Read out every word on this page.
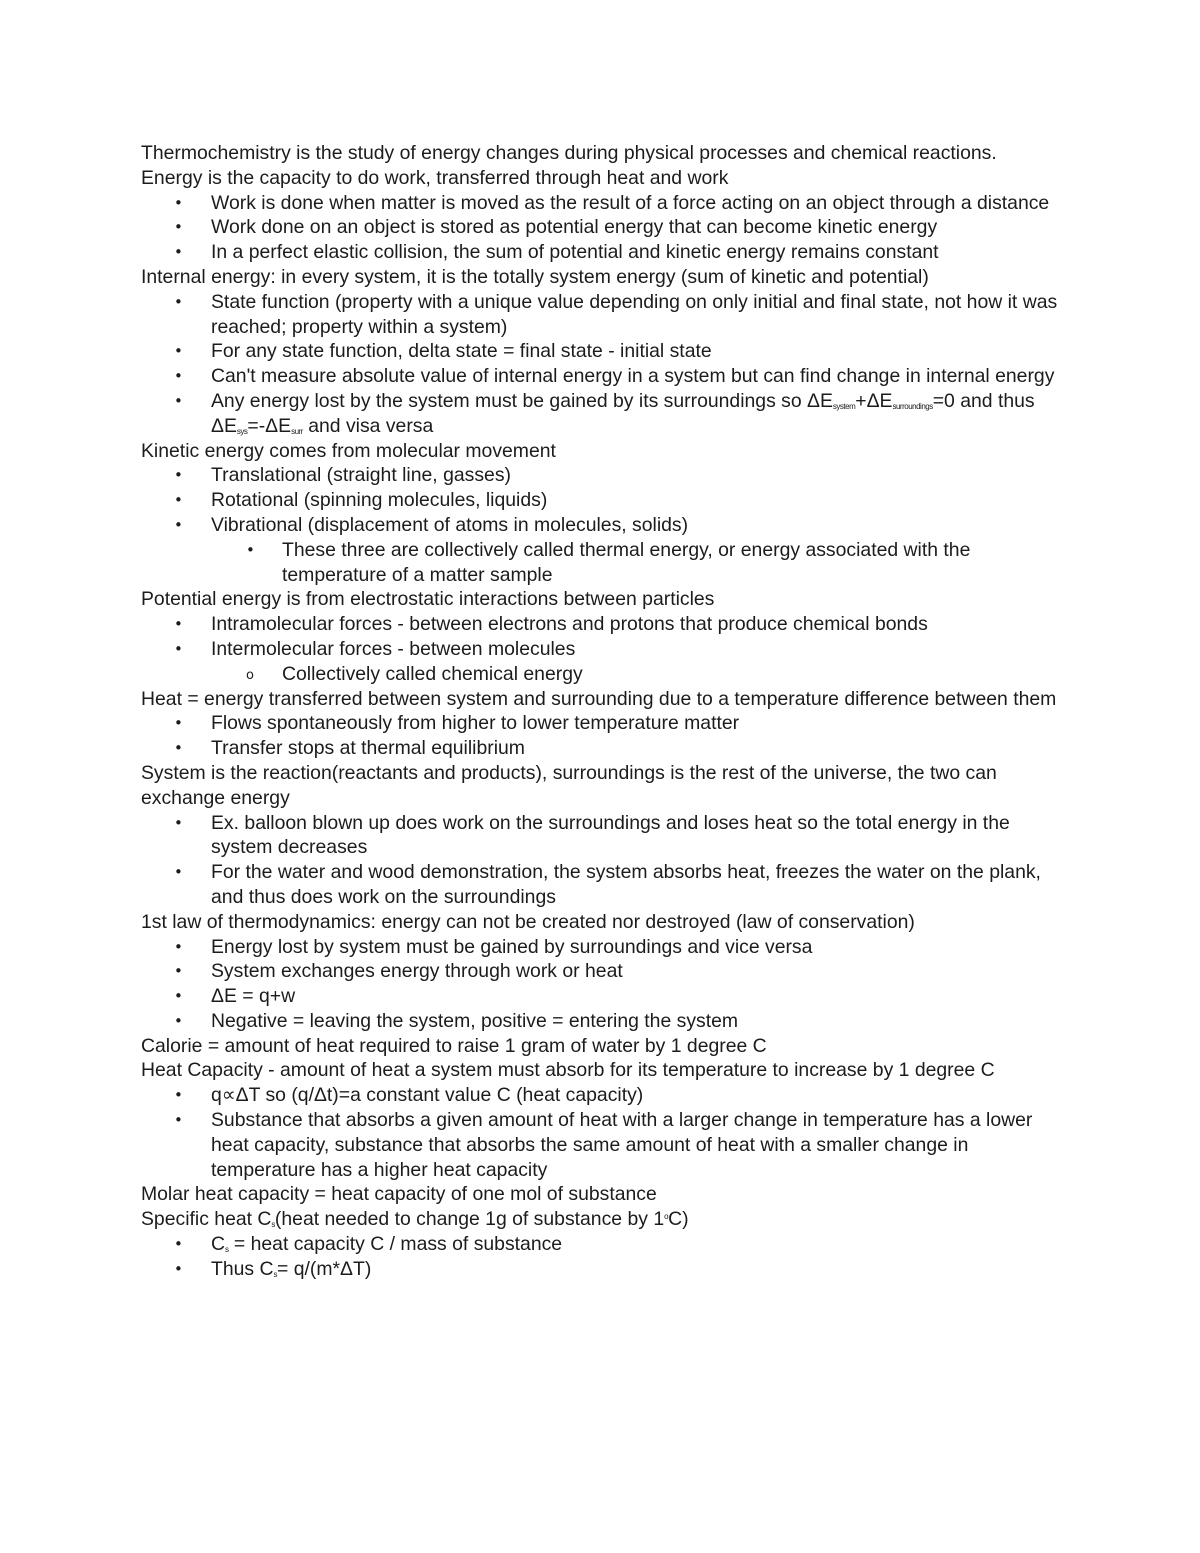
Thermochemistry is the study of energy changes during physical processes and chemical reactions.

Energy is the capacity to do work, transferred through heat and work

• Work is done when matter is moved as the result of a force acting on an object through a distance
• Work done on an object is stored as potential energy that can become kinetic energy
• In a perfect elastic collision, the sum of potential and kinetic energy remains constant

Internal energy: in every system, it is the totally system energy (sum of kinetic and potential)

• State function (property with a unique value depending on only initial and final state, not how it was reached; property within a system)
• For any state function, delta state = final state - initial state
• Can't measure absolute value of internal energy in a system but can find change in internal energy
• Any energy lost by the system must be gained by its surroundings so $\Delta E_{system}+\Delta E_{surroundings}=0$ and thus $\Delta E_{sys}=-\Delta E_{surr}$ and visa versa

Kinetic energy comes from molecular movement

• Translational (straight line, gasses)
• Rotational (spinning molecules, liquids)
• Vibrational (displacement of atoms in molecules, solids)
• These three are collectively called thermal energy, or energy associated with the temperature of a matter sample

Potential energy is from electrostatic interactions between particles

• Intramolecular forces - between electrons and protons that produce chemical bonds
• Intermolecular forces - between molecules
o Collectively called chemical energy

Heat = energy transferred between system and surrounding due to a temperature difference between them

• Flows spontaneously from higher to lower temperature matter
• Transfer stops at thermal equilibrium

System is the reaction(reactants and products), surroundings is the rest of the universe, the two can exchange energy

• Ex. balloon blown up does work on the surroundings and loses heat so the total energy in the system decreases
• For the water and wood demonstration, the system absorbs heat, freezes the water on the plank, and thus does work on the surroundings

1st law of thermodynamics: energy can not be created nor destroyed (law of conservation)

• Energy lost by system must be gained by surroundings and vice versa
• System exchanges energy through work or heat
• ΔE = q+w
• Negative = leaving the system, positive = entering the system

Calorie = amount of heat required to raise 1 gram of water by 1 degree C

Heat Capacity - amount of heat a system must absorb for its temperature to increase by 1 degree C

• q∝ΔT so (q/Δt)=a constant value C (heat capacity)
• Substance that absorbs a given amount of heat with a larger change in temperature has a lower heat capacity, substance that absorbs the same amount of heat with a smaller change in temperature has a higher heat capacity

Molar heat capacity = heat capacity of one mol of substance

Specific heat $C_s(heat$ needed to change 1g of substance by 1$^o$C)

• $C_s$ = heat capacity C / mass of substance
• Thus $C_s= q/(m*\Delta T)$
